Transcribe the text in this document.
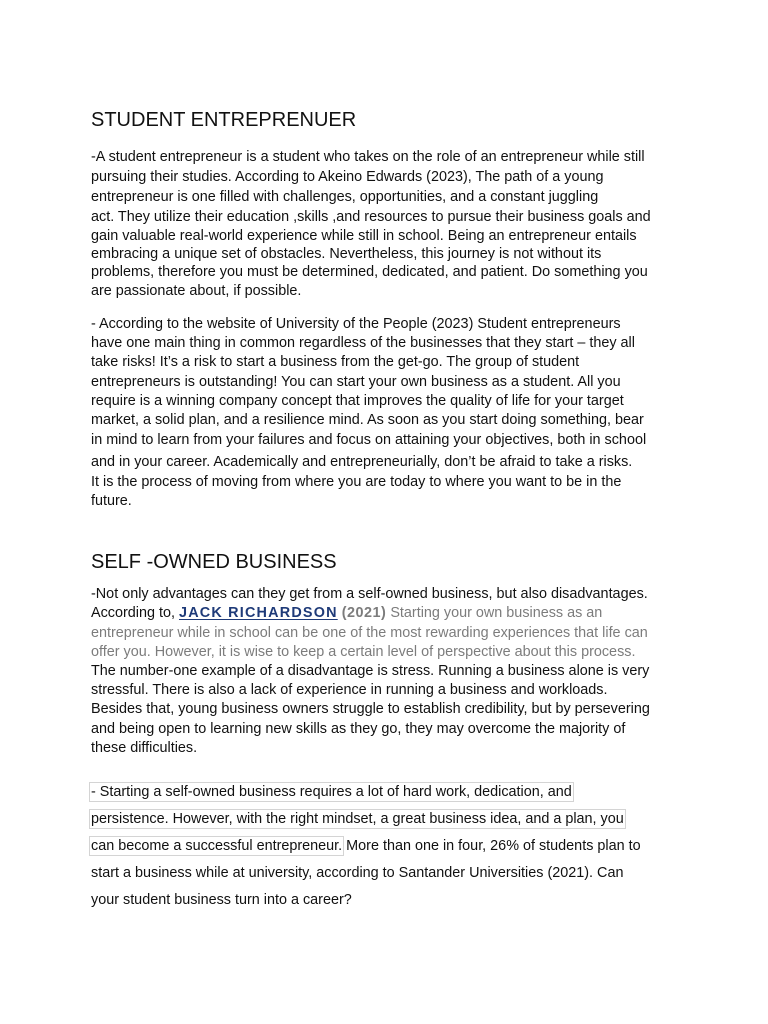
STUDENT ENTREPRENUER

-A student entrepreneur is a student who takes on the role of an entrepreneur while still

pursuing their studies. According to Akeino Edwards (2023), The path of a young

entrepreneur is one filled with challenges, opportunities, and a constant juggling

act. They utilize their education ,skills ,and resources to pursue their business goals and

gain valuable real-world experience while still in school. Being an entrepreneur entails

embracing a unique set of obstacles. Nevertheless, this journey is not without its

problems, therefore you must be determined, dedicated, and patient. Do something you

are passionate about, if possible.

- According to the website of University of the People (2023) Student entrepreneurs

have one main thing in common regardless of the businesses that they start – they all

take risks! It’s a risk to start a business from the get-go. The group of student

entrepreneurs is outstanding! You can start your own business as a student. All you

require is a winning company concept that improves the quality of life for your target

market, a solid plan, and a resilience mind. As soon as you start doing something, bear

in mind to learn from your failures and focus on attaining your objectives, both in school

and in your career. Academically and entrepreneurially, don’t be afraid to take a risks.

It is the process of moving from where you are today to where you want to be in the

future.

SELF -OWNED BUSINESS

-Not only advantages can they get from a self-owned business, but also disadvantages.

According to, JACK RICHARDSON (2021) Starting your own business as an

entrepreneur while in school can be one of the most rewarding experiences that life can

offer you. However, it is wise to keep a certain level of perspective about this process.

The number-one example of a disadvantage is stress. Running a business alone is very

stressful. There is also a lack of experience in running a business and workloads.

Besides that, young business owners struggle to establish credibility, but by persevering

and being open to learning new skills as they go, they may overcome the majority of

these difficulties.

- Starting a self-owned business requires a lot of hard work, dedication, and

persistence. However, with the right mindset, a great business idea, and a plan, you

can become a successful entrepreneur. More than one in four, 26% of students plan to

start a business while at university, according to Santander Universities (2021). Can

your student business turn into a career?
